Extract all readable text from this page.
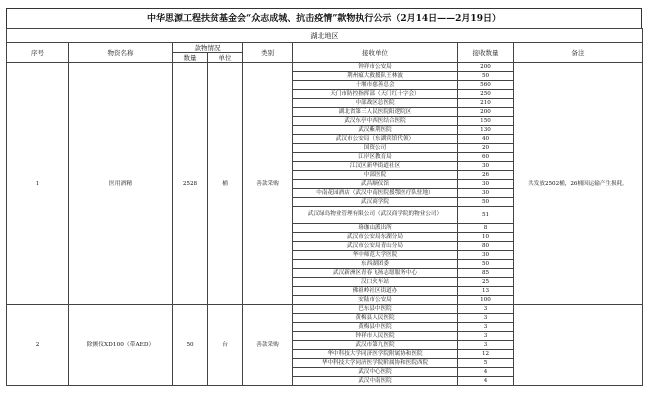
中华思源工程扶贫基金会“众志成城、抗击疫情”款物执行公示（2月14日——2月19日）
湖北地区							
序号	物资名称	款物情况		类别	接收单位	接收数量	备注
		数量	单位				
1	医用酒精	2528	桶	善款采购	钟祥市公安局	200	共发放2502桶，26桶因运输产生损耗。
					荆州瘟大救援队王林波	50	
					十堰市慈善总会	560	
					天门市防控指挥部（天门红十字会）	250	
					中部战区总医院	210	
					湖北省第三人民医院阳逻院区	200	
					武汉东亭中西医结合医院	150	
					武汉紫荆医院	130	
					武汉市公安局（东湖宾馆代领）	40	
					国资公司	20	
					江岸区教育局	60	
					江汉区新华街道社区	30	
					中部医院	26	
					武昌顺仪馆	30	
					中南花园酒店（武汉中南医院援鄂医疗队驻地）	30	
					武汉商学院	50	
					武汉绿岛物业管理有限公司（武汉商学院的物业公司）	51	
					珞珈山派出所	8	
					武汉市公安局东湖分局	10	
					武汉市公安局青山分局	80	
					华中师范大学医院	30	
					东西湖团委	50	
					武汉新洲区青春飞扬志愿服务中心	85	
					汉口火车站	25	
					佛祖岭社区街道办	13	
					安陆市公安局	100	
2	除颤仪XD100（带AED）	50	台	善款采购	巴东县中医院	3	
					黄梅县人民医院	3	
					黄梅县中医院	3	
					钟祥市人民医院	3	
					武汉市第九医院	3	
					华中科技大学同济医学院附属协和医院	12	
					华中科技大学同济医学院附属协和医院西院	5	
					武汉中心医院	4	
					武汉中南医院	4	
